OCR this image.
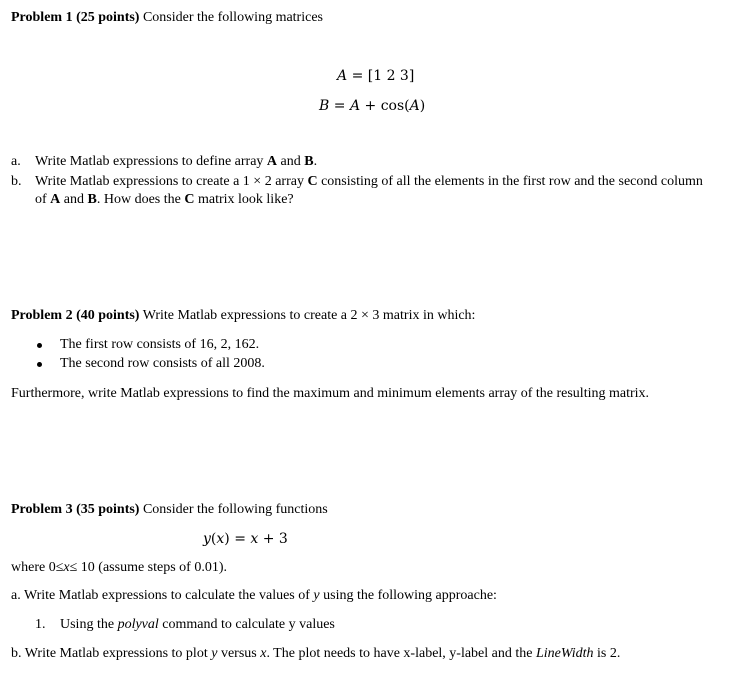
Problem 1 (25 points) Consider the following matrices
A = [1 2 3]
B = A + cos(A)
a. Write Matlab expressions to define array A and B.
b. Write Matlab expressions to create a 1 × 2 array C consisting of all the elements in the first row and the second column
of A and B. How does the C matrix look like?
Problem 2 (40 points) Write Matlab expressions to create a 2 × 3 matrix in which:
The first row consists of 16, 2, 162.
The second row consists of all 2008.
Furthermore, write Matlab expressions to find the maximum and minimum elements array of the resulting matrix.
Problem 3 (35 points) Consider the following functions
y(x) = x + 3
where 0≤x≤ 10 (assume steps of 0.01).
a. Write Matlab expressions to calculate the values of y using the following approache:
1. Using the polyval command to calculate y values
b. Write Matlab expressions to plot y versus x. The plot needs to have x-label, y-label and the LineWidth is 2.
